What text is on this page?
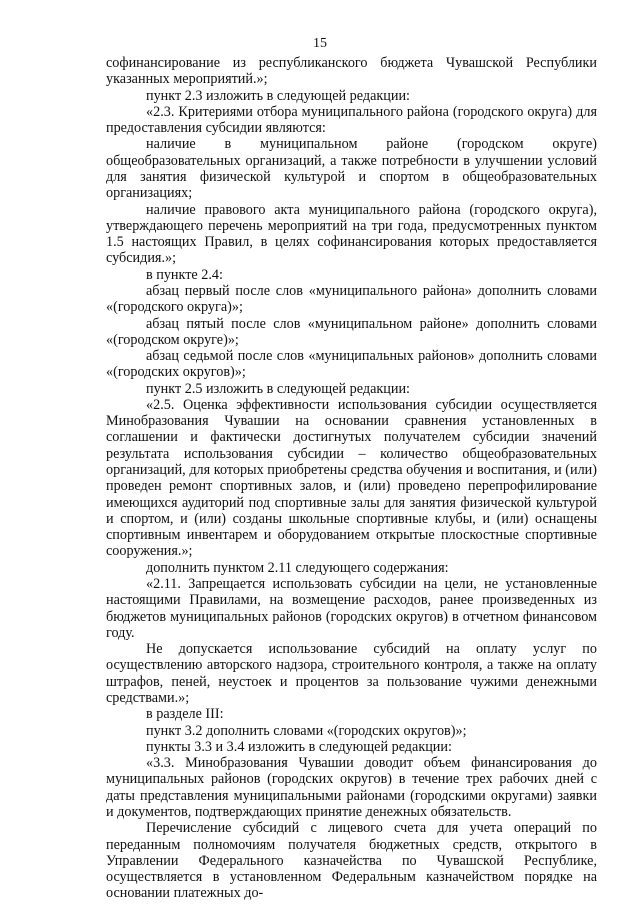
15

софинансирование из республиканского бюджета Чувашской Республики указанных мероприятий.»;

пункт 2.3 изложить в следующей редакции:

«2.3. Критериями отбора муниципального района (городского округа) для предоставления субсидии являются:

наличие в муниципальном районе (городском округе) общеобразовательных организаций, а также потребности в улучшении условий для занятия физической культурой и спортом в общеобразовательных организациях;

наличие правового акта муниципального района (городского округа), утверждающего перечень мероприятий на три года, предусмотренных пунктом 1.5 настоящих Правил, в целях софинансирования которых предоставляется субсидия.»;

в пункте 2.4:

абзац первый после слов «муниципального района» дополнить словами «(городского округа)»;

абзац пятый после слов «муниципальном районе» дополнить словами «(городском округе)»;

абзац седьмой после слов «муниципальных районов» дополнить словами «(городских округов)»;

пункт 2.5 изложить в следующей редакции:

«2.5. Оценка эффективности использования субсидии осуществляется Минобразования Чувашии на основании сравнения установленных в соглашении и фактически достигнутых получателем субсидии значений результата использования субсидии – количество общеобразовательных организаций, для которых приобретены средства обучения и воспитания, и (или) проведен ремонт спортивных залов, и (или) проведено перепрофилирование имеющихся аудиторий под спортивные залы для занятия физической культурой и спортом, и (или) созданы школьные спортивные клубы, и (или) оснащены спортивным инвентарем и оборудованием открытые плоскостные спортивные сооружения.»;

дополнить пунктом 2.11 следующего содержания:

«2.11. Запрещается использовать субсидии на цели, не установленные настоящими Правилами, на возмещение расходов, ранее произведенных из бюджетов муниципальных районов (городских округов) в отчетном финансовом году.

Не допускается использование субсидий на оплату услуг по осуществлению авторского надзора, строительного контроля, а также на оплату штрафов, пеней, неустоек и процентов за пользование чужими денежными средствами.»;

в разделе III:

пункт 3.2 дополнить словами «(городских округов)»;

пункты 3.3 и 3.4 изложить в следующей редакции:

«3.3. Минобразования Чувашии доводит объем финансирования до муниципальных районов (городских округов) в течение трех рабочих дней с даты представления муниципальными районами (городскими округами) заявки и документов, подтверждающих принятие денежных обязательств.

Перечисление субсидий с лицевого счета для учета операций по переданным полномочиям получателя бюджетных средств, открытого в Управлении Федерального казначейства по Чувашской Республике, осуществляется в установленном Федеральным казначейством порядке на основании платежных до-
